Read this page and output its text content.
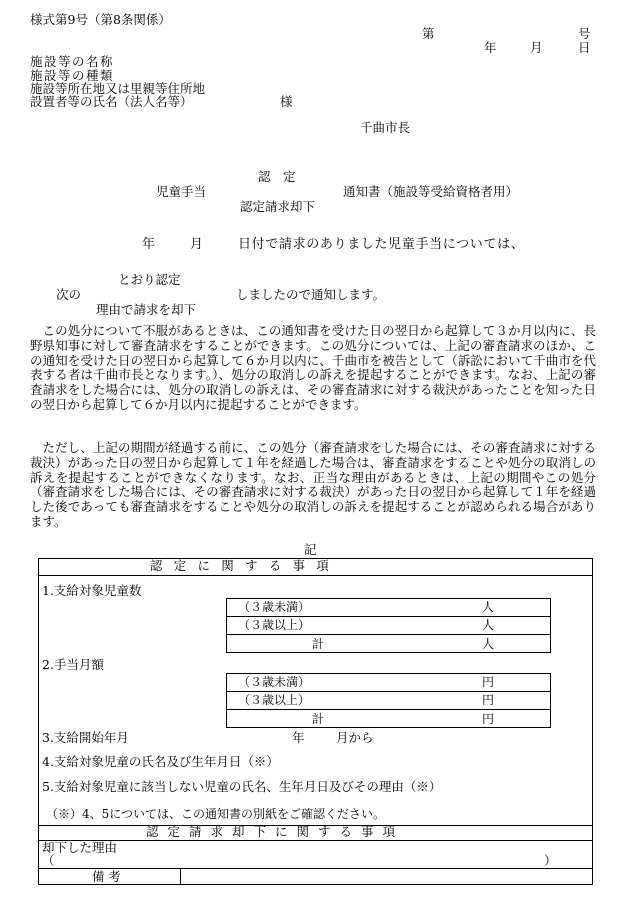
様式第9号（第8条関係）
第	号
年	月	日
施設等の名称
施設等の種類
施設等所在地又は里親等住所地
設置者等の氏名（法人名等）	様
千曲市長
認　定
児童手当	通知書（施設等受給資格者用）
認定請求却下
年	月	日付で請求のありました児童手当については、
とおり認定
次の	しましたので通知します。
理由で請求を却下
この処分について不服があるときは、この通知書を受けた日の翌日から起算して３か月以内に、長野県知事に対して審査請求をすることができます。この処分については、上記の審査請求のほか、この通知を受けた日の翌日から起算して６か月以内に、千曲市を被告として（訴訟において千曲市を代表する者は千曲市長となります。）、処分の取消しの訴えを提起することができます。なお、上記の審査請求をした場合には、処分の取消しの訴えは、その審査請求に対する裁決があったことを知った日の翌日から起算して６か月以内に提起することができます。
ただし、上記の期間が経過する前に、この処分（審査請求をした場合には、その審査請求に対する裁決）があった日の翌日から起算して１年を経過した場合は、審査請求をすることや処分の取消しの訴えを提起することができなくなります。なお、正当な理由があるときは、上記の期間やこの処分（審査請求をした場合には、その審査請求に対する裁決）があった日の翌日から起算して１年を経過した後であっても審査請求をすることや処分の取消しの訴えを提起することが認められる場合があります。
記
認定に関する事項
1.支給対象児童数
（３歳未満）	人
（３歳以上）	人
計	人
2.手当月額
（３歳未満）	円
（３歳以上）	円
計	円
3.支給開始年月	年	月から
4.支給対象児童の氏名及び生年月日（※）
5.支給対象児童に該当しない児童の氏名、生年月日及びその理由（※）
（※）4、5については、この通知書の別紙をご確認ください。
認定請求却下に関する事項
却下した理由
（	）
備考
